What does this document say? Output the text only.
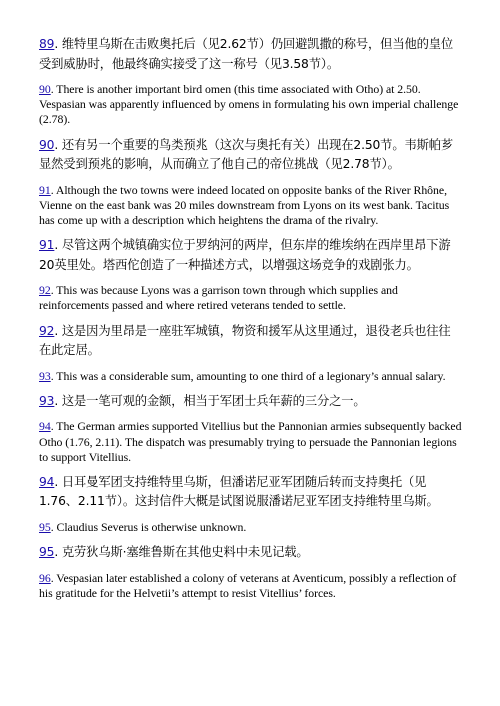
89. 维特里乌斯在击败奥托后（见2.62节）仍回避凯撒的称号，但当他的皇位受到威胁时，他最终确实接受了这一称号（见3.58节）。

90. There is another important bird omen (this time associated with Otho) at 2.50. Vespasian was apparently influenced by omens in formulating his own imperial challenge (2.78).

90. 还有另一个重要的鸟类预兆（这次与奥托有关）出现在2.50节。韦斯帕芗显然受到预兆的影响，从而确立了他自己的帝位挑战（见2.78节）。

91. Although the two towns were indeed located on opposite banks of the River Rhône, Vienne on the east bank was 20 miles downstream from Lyons on its west bank. Tacitus has come up with a description which heightens the drama of the rivalry.

91. 尽管这两个城镇确实位于罗纳河的两岸，但东岸的维埃纳在西岸里昂下游20英里处。塔西佗创造了一种描述方式，以增强这场竞争的戏剧张力。

92. This was because Lyons was a garrison town through which supplies and reinforcements passed and where retired veterans tended to settle.

92. 这是因为里昂是一座驻军城镇，物资和援军从这里通过，退役老兵也往往在此定居。

93. This was a considerable sum, amounting to one third of a legionary’s annual salary.

93. 这是一笔可观的金额，相当于军团士兵年薪的三分之一。

94. The German armies supported Vitellius but the Pannonian armies subsequently backed Otho (1.76, 2.11). The dispatch was presumably trying to persuade the Pannonian legions to support Vitellius.

94. 日耳曼军团支持维特里乌斯，但潘诺尼亚军团随后转而支持奥托（见1.76、2.11节）。这封信件大概是试图说服潘诺尼亚军团支持维特里乌斯。

95. Claudius Severus is otherwise unknown.

95. 克劳狄乌斯·塞维鲁斯在其他史料中未见记载。

96. Vespasian later established a colony of veterans at Aventicum, possibly a reflection of his gratitude for the Helvetii’s attempt to resist Vitellius’ forces.
